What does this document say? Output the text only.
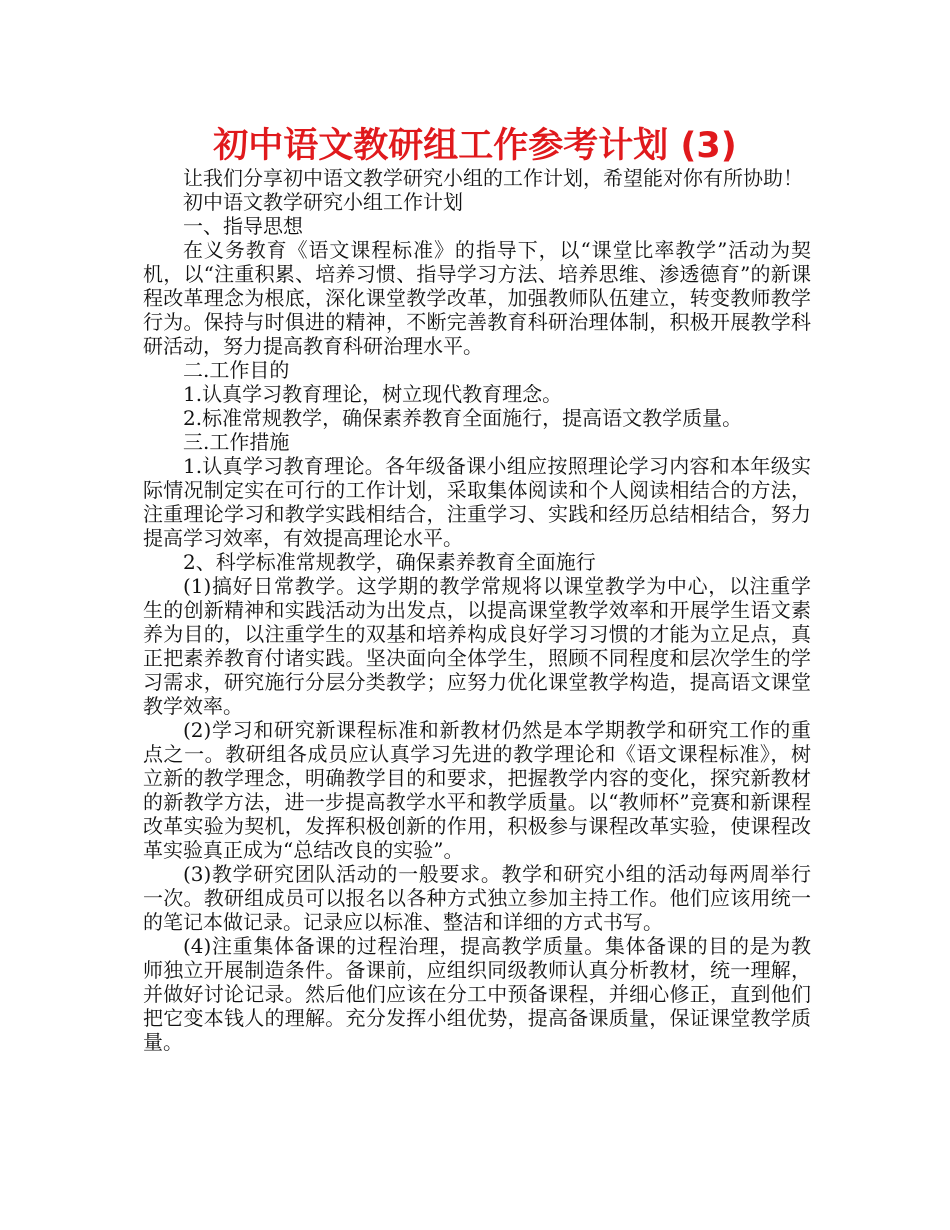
初中语文教研组工作参考计划 (3)

让我们分享初中语文教学研究小组的工作计划，希望能对你有所协助！

初中语文教学研究小组工作计划

一、指导思想

在义务教育《语文课程标准》的指导下，以“课堂比率教学”活动为契机，以“注重积累、培养习惯、指导学习方法、培养思维、渗透德育”的新课程改革理念为根底，深化课堂教学改革，加强教师队伍建立，转变教师教学行为。保持与时俱进的精神，不断完善教育科研治理体制，积极开展教学科研活动，努力提高教育科研治理水平。

二.工作目的

1.认真学习教育理论，树立现代教育理念。

2.标准常规教学，确保素养教育全面施行，提高语文教学质量。

三.工作措施

1.认真学习教育理论。各年级备课小组应按照理论学习内容和本年级实际情况制定实在可行的工作计划，采取集体阅读和个人阅读相结合的方法，注重理论学习和教学实践相结合，注重学习、实践和经历总结相结合，努力提高学习效率，有效提高理论水平。

2、科学标准常规教学，确保素养教育全面施行

(1)搞好日常教学。这学期的教学常规将以课堂教学为中心，以注重学生的创新精神和实践活动为出发点，以提高课堂教学效率和开展学生语文素养为目的，以注重学生的双基和培养构成良好学习习惯的才能为立足点，真正把素养教育付诸实践。坚决面向全体学生，照顾不同程度和层次学生的学习需求，研究施行分层分类教学；应努力优化课堂教学构造，提高语文课堂教学效率。

(2)学习和研究新课程标准和新教材仍然是本学期教学和研究工作的重点之一。教研组各成员应认真学习先进的教学理论和《语文课程标准》，树立新的教学理念，明确教学目的和要求，把握教学内容的变化，探究新教材的新教学方法，进一步提高教学水平和教学质量。以“教师杯”竞赛和新课程改革实验为契机，发挥积极创新的作用，积极参与课程改革实验，使课程改革实验真正成为“总结改良的实验”。

(3)教学研究团队活动的一般要求。教学和研究小组的活动每两周举行一次。教研组成员可以报名以各种方式独立参加主持工作。他们应该用统一的笔记本做记录。记录应以标准、整洁和详细的方式书写。

(4)注重集体备课的过程治理，提高教学质量。集体备课的目的是为教师独立开展制造条件。备课前，应组织同级教师认真分析教材，统一理解，并做好讨论记录。然后他们应该在分工中预备课程，并细心修正，直到他们把它变本钱人的理解。充分发挥小组优势，提高备课质量，保证课堂教学质量。
